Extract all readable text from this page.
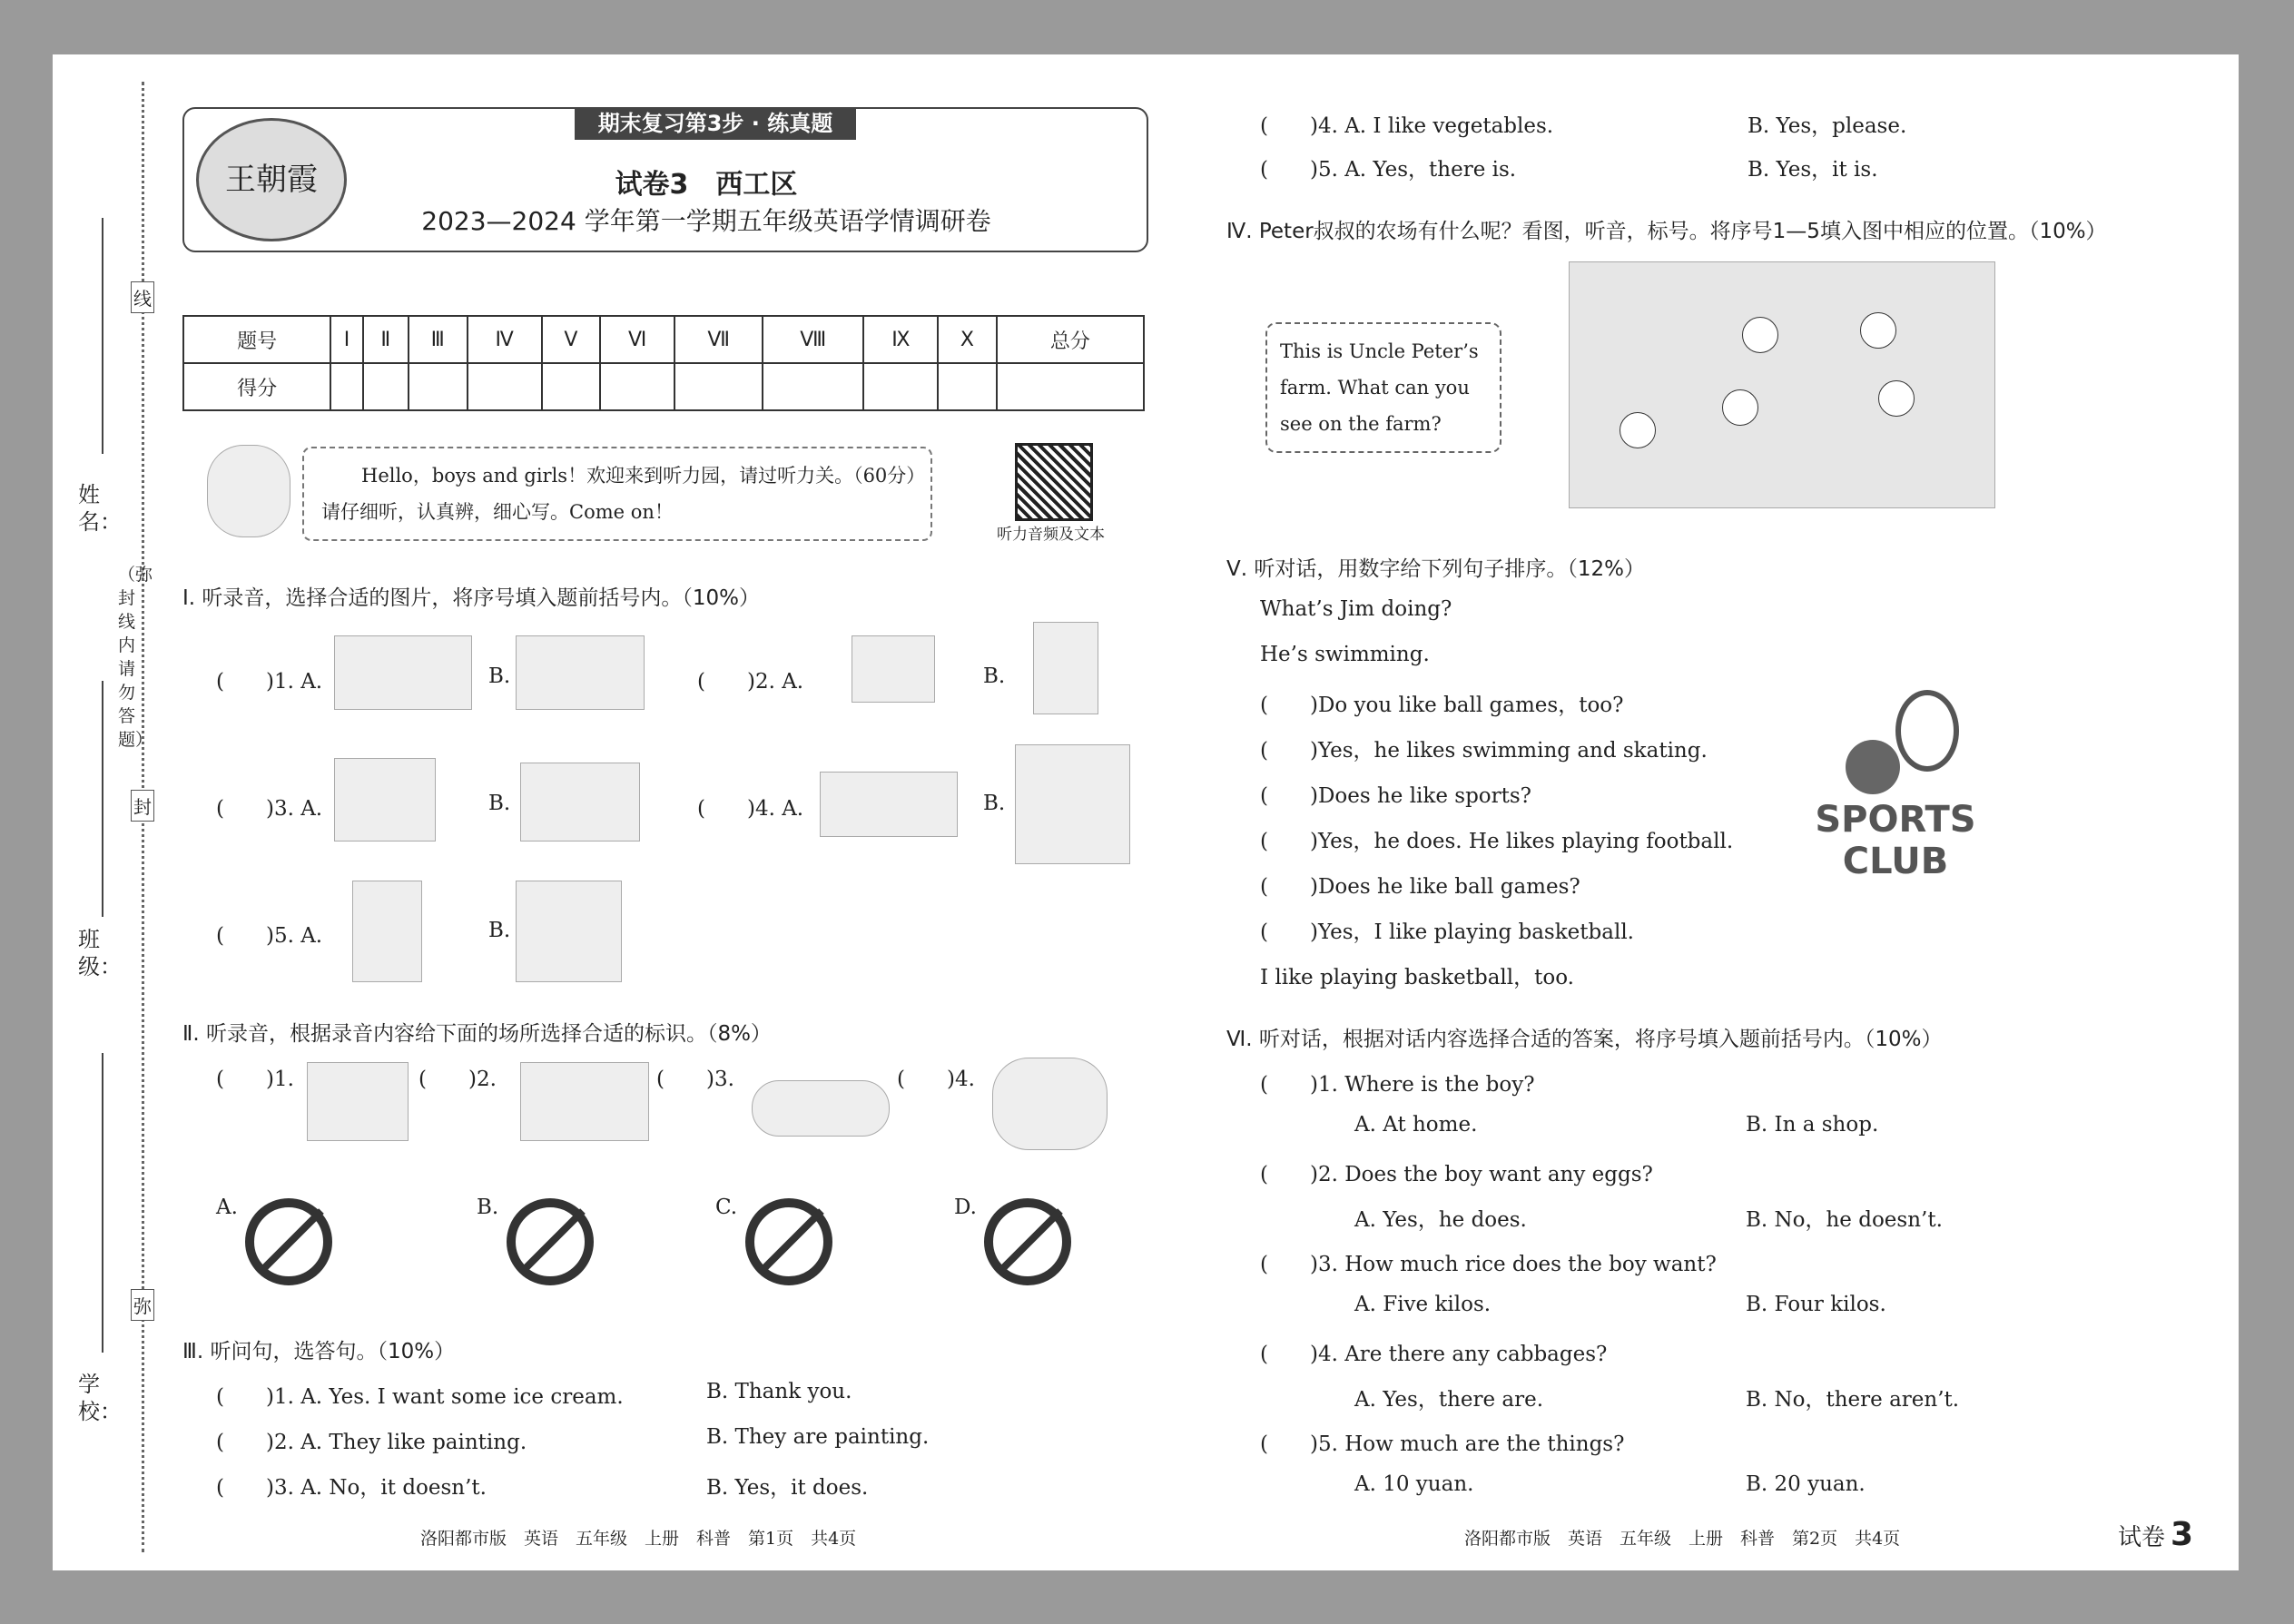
线
封
弥
（弥封线内请勿答题）
姓名：
班级：
学校：
王朝霞
期末复习第3步 · 练真题
试卷3　西工区
2023—2024 学年第一学期五年级英语学情调研卷
题号	Ⅰ	Ⅱ	Ⅲ	Ⅳ	Ⅴ	Ⅵ	Ⅶ	Ⅷ	Ⅸ	Ⅹ	总分
得分											
Hello，boys and girls！欢迎来到听力园，请过听力关。（60分）
请仔细听，认真辨，细心写。Come on！
听力音频及文本
Ⅰ. 听录音，选择合适的图片，将序号填入题前括号内。（10%）
(　　)1. A.	B.	(　　)2. A.	B.
(　　)3. A.	B.	(　　)4. A.	B.
(　　)5. A.	B.
Ⅱ. 听录音，根据录音内容给下面的场所选择合适的标识。（8%）
(　　)1.	(　　)2.	(　　)3.	(　　)4.
A.	B.	C.	D.
Ⅲ. 听问句，选答句。（10%）
(　　)1. A. Yes. I want some ice cream.	B. Thank you.
(　　)2. A. They like painting.	B. They are painting.
(　　)3. A. No，it doesn’t.	B. Yes，it does.
洛阳都市版　英语　五年级　上册　科普　第1页　共4页
(　　)4. A. I like vegetables.	B. Yes，please.
(　　)5. A. Yes，there is.	B. Yes，it is.
Ⅳ. Peter叔叔的农场有什么呢？看图，听音，标号。将序号1—5填入图中相应的位置。（10%）
This is Uncle Peter’s
farm. What can you
see on the farm?
Ⅴ. 听对话，用数字给下列句子排序。（12%）
What’s Jim doing?
He’s swimming.
(　　)Do you like ball games，too?
(　　)Yes，he likes swimming and skating.
(　　)Does he like sports?
(　　)Yes，he does. He likes playing football.
(　　)Does he like ball games?
(　　)Yes，I like playing basketball.
I like playing basketball，too.
SPORTS
CLUB
Ⅵ. 听对话，根据对话内容选择合适的答案，将序号填入题前括号内。（10%）
(　　)1. Where is the boy?
A. At home.	B. In a shop.
(　　)2. Does the boy want any eggs?
A. Yes，he does.	B. No，he doesn’t.
(　　)3. How much rice does the boy want?
A. Five kilos.	B. Four kilos.
(　　)4. Are there any cabbages?
A. Yes，there are.	B. No，there aren’t.
(　　)5. How much are the things?
A. 10 yuan.	B. 20 yuan.
洛阳都市版　英语　五年级　上册　科普　第2页　共4页	试卷 3
